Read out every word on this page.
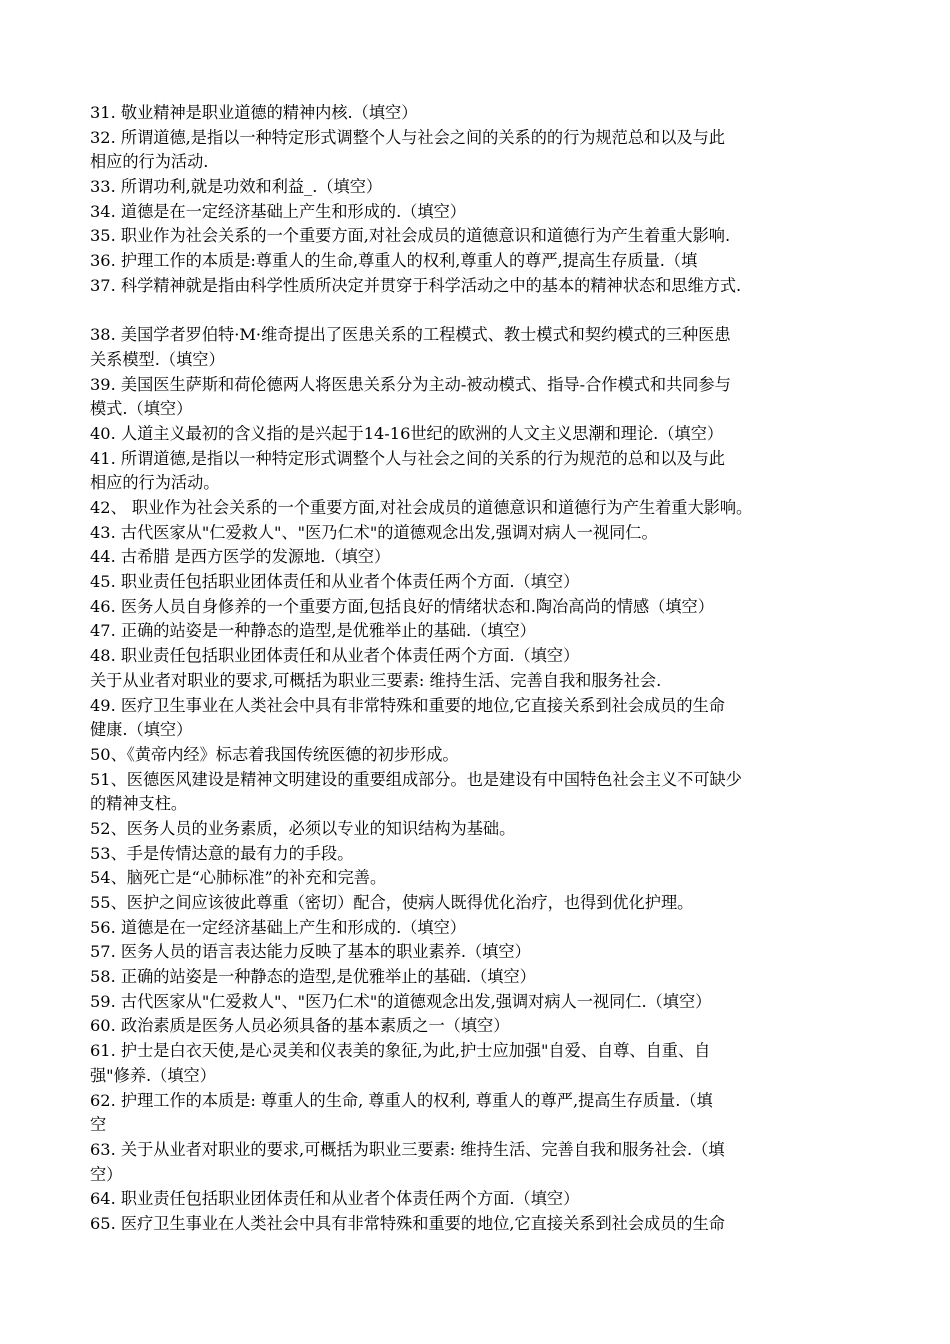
31. 敬业精神是职业道德的精神内核.（填空）
32. 所谓道德,是指以一种特定形式调整个人与社会之间的关系的的行为规范总和以及与此
相应的行为活动.
33. 所谓功利,就是功效和利益_.（填空）
34. 道德是在一定经济基础上产生和形成的.（填空）
35. 职业作为社会关系的一个重要方面,对社会成员的道德意识和道德行为产生着重大影响.
36. 护理工作的本质是:尊重人的生命,尊重人的权利,尊重人的尊严,提高生存质量.（填
37. 科学精神就是指由科学性质所决定并贯穿于科学活动之中的基本的精神状态和思维方式.
38. 美国学者罗伯特·M·维奇提出了医患关系的工程模式、教士模式和契约模式的三种医患
关系模型.（填空）
39. 美国医生萨斯和荷伦德两人将医患关系分为主动-被动模式、指导-合作模式和共同参与
模式.（填空）
40. 人道主义最初的含义指的是兴起于14-16世纪的欧洲的人文主义思潮和理论.（填空）
41. 所谓道德,是指以一种特定形式调整个人与社会之间的关系的行为规范的总和以及与此
相应的行为活动。
42、 职业作为社会关系的一个重要方面,对社会成员的道德意识和道德行为产生着重大影响。
43. 古代医家从"仁爱救人"、"医乃仁术"的道德观念出发,强调对病人一视同仁。
44. 古希腊 是西方医学的发源地.（填空）
45. 职业责任包括职业团体责任和从业者个体责任两个方面.（填空）
46. 医务人员自身修养的一个重要方面,包括良好的情绪状态和.陶冶高尚的情感（填空）
47. 正确的站姿是一种静态的造型,是优雅举止的基础.（填空）
48. 职业责任包括职业团体责任和从业者个体责任两个方面.（填空）
关于从业者对职业的要求,可概括为职业三要素: 维持生活、完善自我和服务社会.
49. 医疗卫生事业在人类社会中具有非常特殊和重要的地位,它直接关系到社会成员的生命
健康.（填空）
50、《黄帝内经》标志着我国传统医德的初步形成。
51、医德医风建设是精神文明建设的重要组成部分。也是建设有中国特色社会主义不可缺少
的精神支柱。
52、医务人员的业务素质，必须以专业的知识结构为基础。
53、手是传情达意的最有力的手段。
54、脑死亡是“心肺标准”的补充和完善。
55、医护之间应该彼此尊重（密切）配合，使病人既得优化治疗，也得到优化护理。
56. 道德是在一定经济基础上产生和形成的.（填空）
57. 医务人员的语言表达能力反映了基本的职业素养.（填空）
58. 正确的站姿是一种静态的造型,是优雅举止的基础.（填空）
59. 古代医家从"仁爱救人"、"医乃仁术"的道德观念出发,强调对病人一视同仁.（填空）
60. 政治素质是医务人员必须具备的基本素质之一（填空）
61. 护士是白衣天使,是心灵美和仪表美的象征,为此,护士应加强"自爱、自尊、自重、自
强"修养.（填空）
62. 护理工作的本质是: 尊重人的生命, 尊重人的权利, 尊重人的尊严,提高生存质量.（填
空
63. 关于从业者对职业的要求,可概括为职业三要素: 维持生活、完善自我和服务社会.（填
空）
64. 职业责任包括职业团体责任和从业者个体责任两个方面.（填空）
65. 医疗卫生事业在人类社会中具有非常特殊和重要的地位,它直接关系到社会成员的生命
